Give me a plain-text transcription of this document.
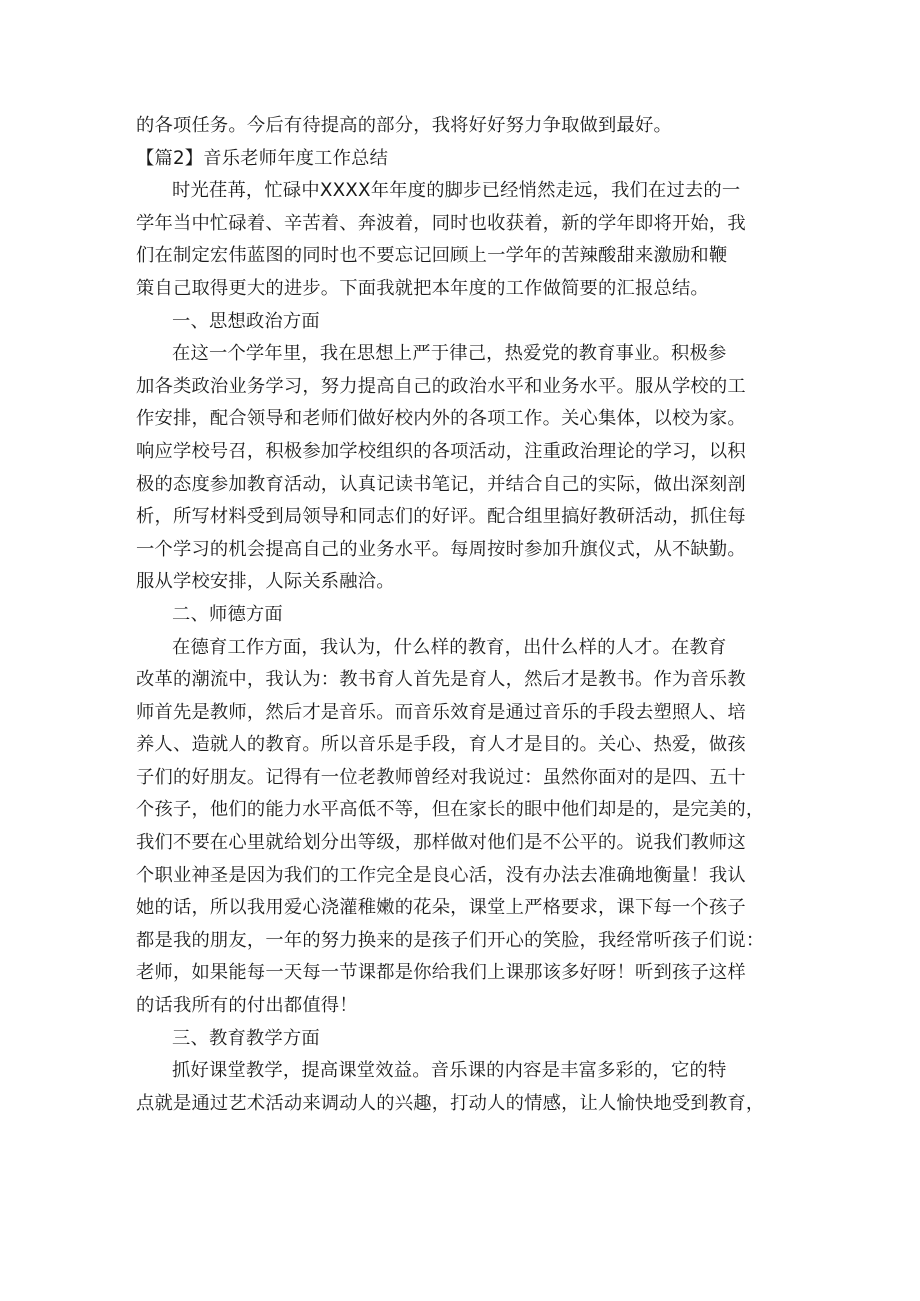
的各项任务。今后有待提高的部分，我将好好努力争取做到最好。
【篇2】音乐老师年度工作总结
时光荏苒，忙碌中XXXX年年度的脚步已经悄然走远，我们在过去的一
学年当中忙碌着、辛苦着、奔波着，同时也收获着，新的学年即将开始，我
们在制定宏伟蓝图的同时也不要忘记回顾上一学年的苦辣酸甜来激励和鞭
策自己取得更大的进步。下面我就把本年度的工作做简要的汇报总结。
一、思想政治方面
在这一个学年里，我在思想上严于律己，热爱党的教育事业。积极参
加各类政治业务学习，努力提高自己的政治水平和业务水平。服从学校的工
作安排，配合领导和老师们做好校内外的各项工作。关心集体，以校为家。
响应学校号召，积极参加学校组织的各项活动，注重政治理论的学习，以积
极的态度参加教育活动，认真记读书笔记，并结合自己的实际，做出深刻剖
析，所写材料受到局领导和同志们的好评。配合组里搞好教研活动，抓住每
一个学习的机会提高自己的业务水平。每周按时参加升旗仪式，从不缺勤。
服从学校安排，人际关系融洽。
二、师德方面
在德育工作方面，我认为，什么样的教育，出什么样的人才。在教育
改革的潮流中，我认为：教书育人首先是育人，然后才是教书。作为音乐教
师首先是教师，然后才是音乐。而音乐效育是通过音乐的手段去塑照人、培
养人、造就人的教育。所以音乐是手段，育人才是目的。关心、热爱，做孩
子们的好朋友。记得有一位老教师曾经对我说过：虽然你面对的是四、五十
个孩子，他们的能力水平高低不等，但在家长的眼中他们却是的，是完美的，
我们不要在心里就给划分出等级，那样做对他们是不公平的。说我们教师这
个职业神圣是因为我们的工作完全是良心活，没有办法去准确地衡量！我认
她的话，所以我用爱心浇灌稚嫩的花朵，课堂上严格要求，课下每一个孩子
都是我的朋友，一年的努力换来的是孩子们开心的笑脸，我经常听孩子们说：
老师，如果能每一天每一节课都是你给我们上课那该多好呀！听到孩子这样
的话我所有的付出都值得！
三、教育教学方面
抓好课堂教学，提高课堂效益。音乐课的内容是丰富多彩的，它的特
点就是通过艺术活动来调动人的兴趣，打动人的情感，让人愉快地受到教育，
